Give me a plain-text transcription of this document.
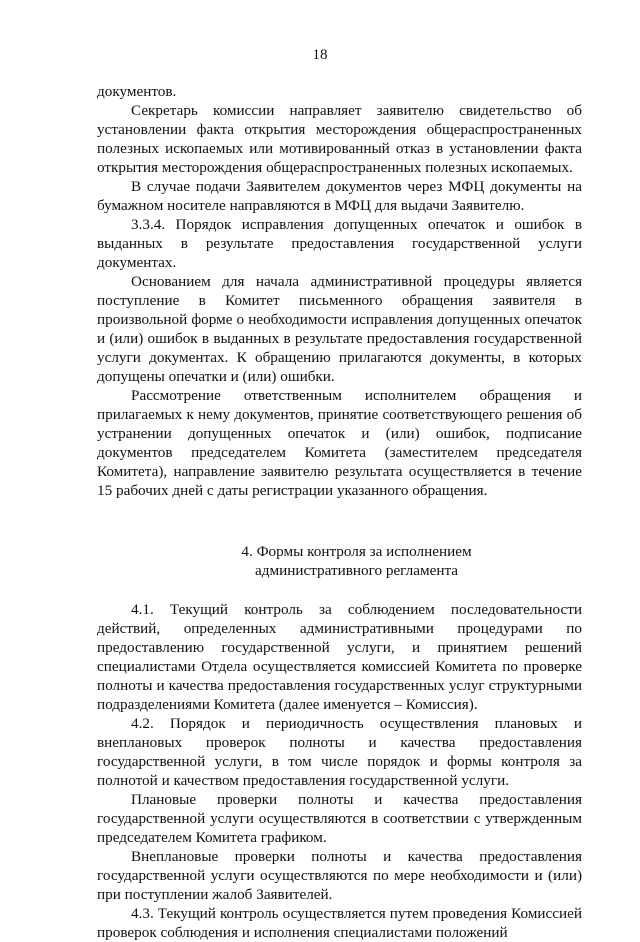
18

документов.

Секретарь комиссии направляет заявителю свидетельство об установлении факта открытия месторождения общераспространенных полезных ископаемых или мотивированный отказ в установлении факта открытия месторождения общераспространенных полезных ископаемых.

В случае подачи Заявителем документов через МФЦ документы на бумажном носителе направляются в МФЦ для выдачи Заявителю.

3.3.4. Порядок исправления допущенных опечаток и ошибок в выданных в результате предоставления государственной услуги документах.

Основанием для начала административной процедуры является поступление в Комитет письменного обращения заявителя в произвольной форме о необходимости исправления допущенных опечаток и (или) ошибок в выданных в результате предоставления государственной услуги документах. К обращению прилагаются документы, в которых допущены опечатки и (или) ошибки.

Рассмотрение ответственным исполнителем обращения и прилагаемых к нему документов, принятие соответствующего решения об устранении допущенных опечаток и (или) ошибок, подписание документов председателем Комитета (заместителем председателя Комитета), направление заявителю результата осуществляется в течение 15 рабочих дней с даты регистрации указанного обращения.

4. Формы контроля за исполнением
административного регламента

4.1. Текущий контроль за соблюдением последовательности действий, определенных административными процедурами по предоставлению государственной услуги, и принятием решений специалистами Отдела осуществляется комиссией Комитета по проверке полноты и качества предоставления государственных услуг структурными подразделениями Комитета (далее именуется – Комиссия).

4.2. Порядок и периодичность осуществления плановых и внеплановых проверок полноты и качества предоставления государственной услуги, в том числе порядок и формы контроля за полнотой и качеством предоставления государственной услуги.

Плановые проверки полноты и качества предоставления государственной услуги осуществляются в соответствии с утвержденным председателем Комитета графиком.

Внеплановые проверки полноты и качества предоставления государственной услуги осуществляются по мере необходимости и (или) при поступлении жалоб Заявителей.

4.3. Текущий контроль осуществляется путем проведения Комиссией проверок соблюдения и исполнения специалистами положений
